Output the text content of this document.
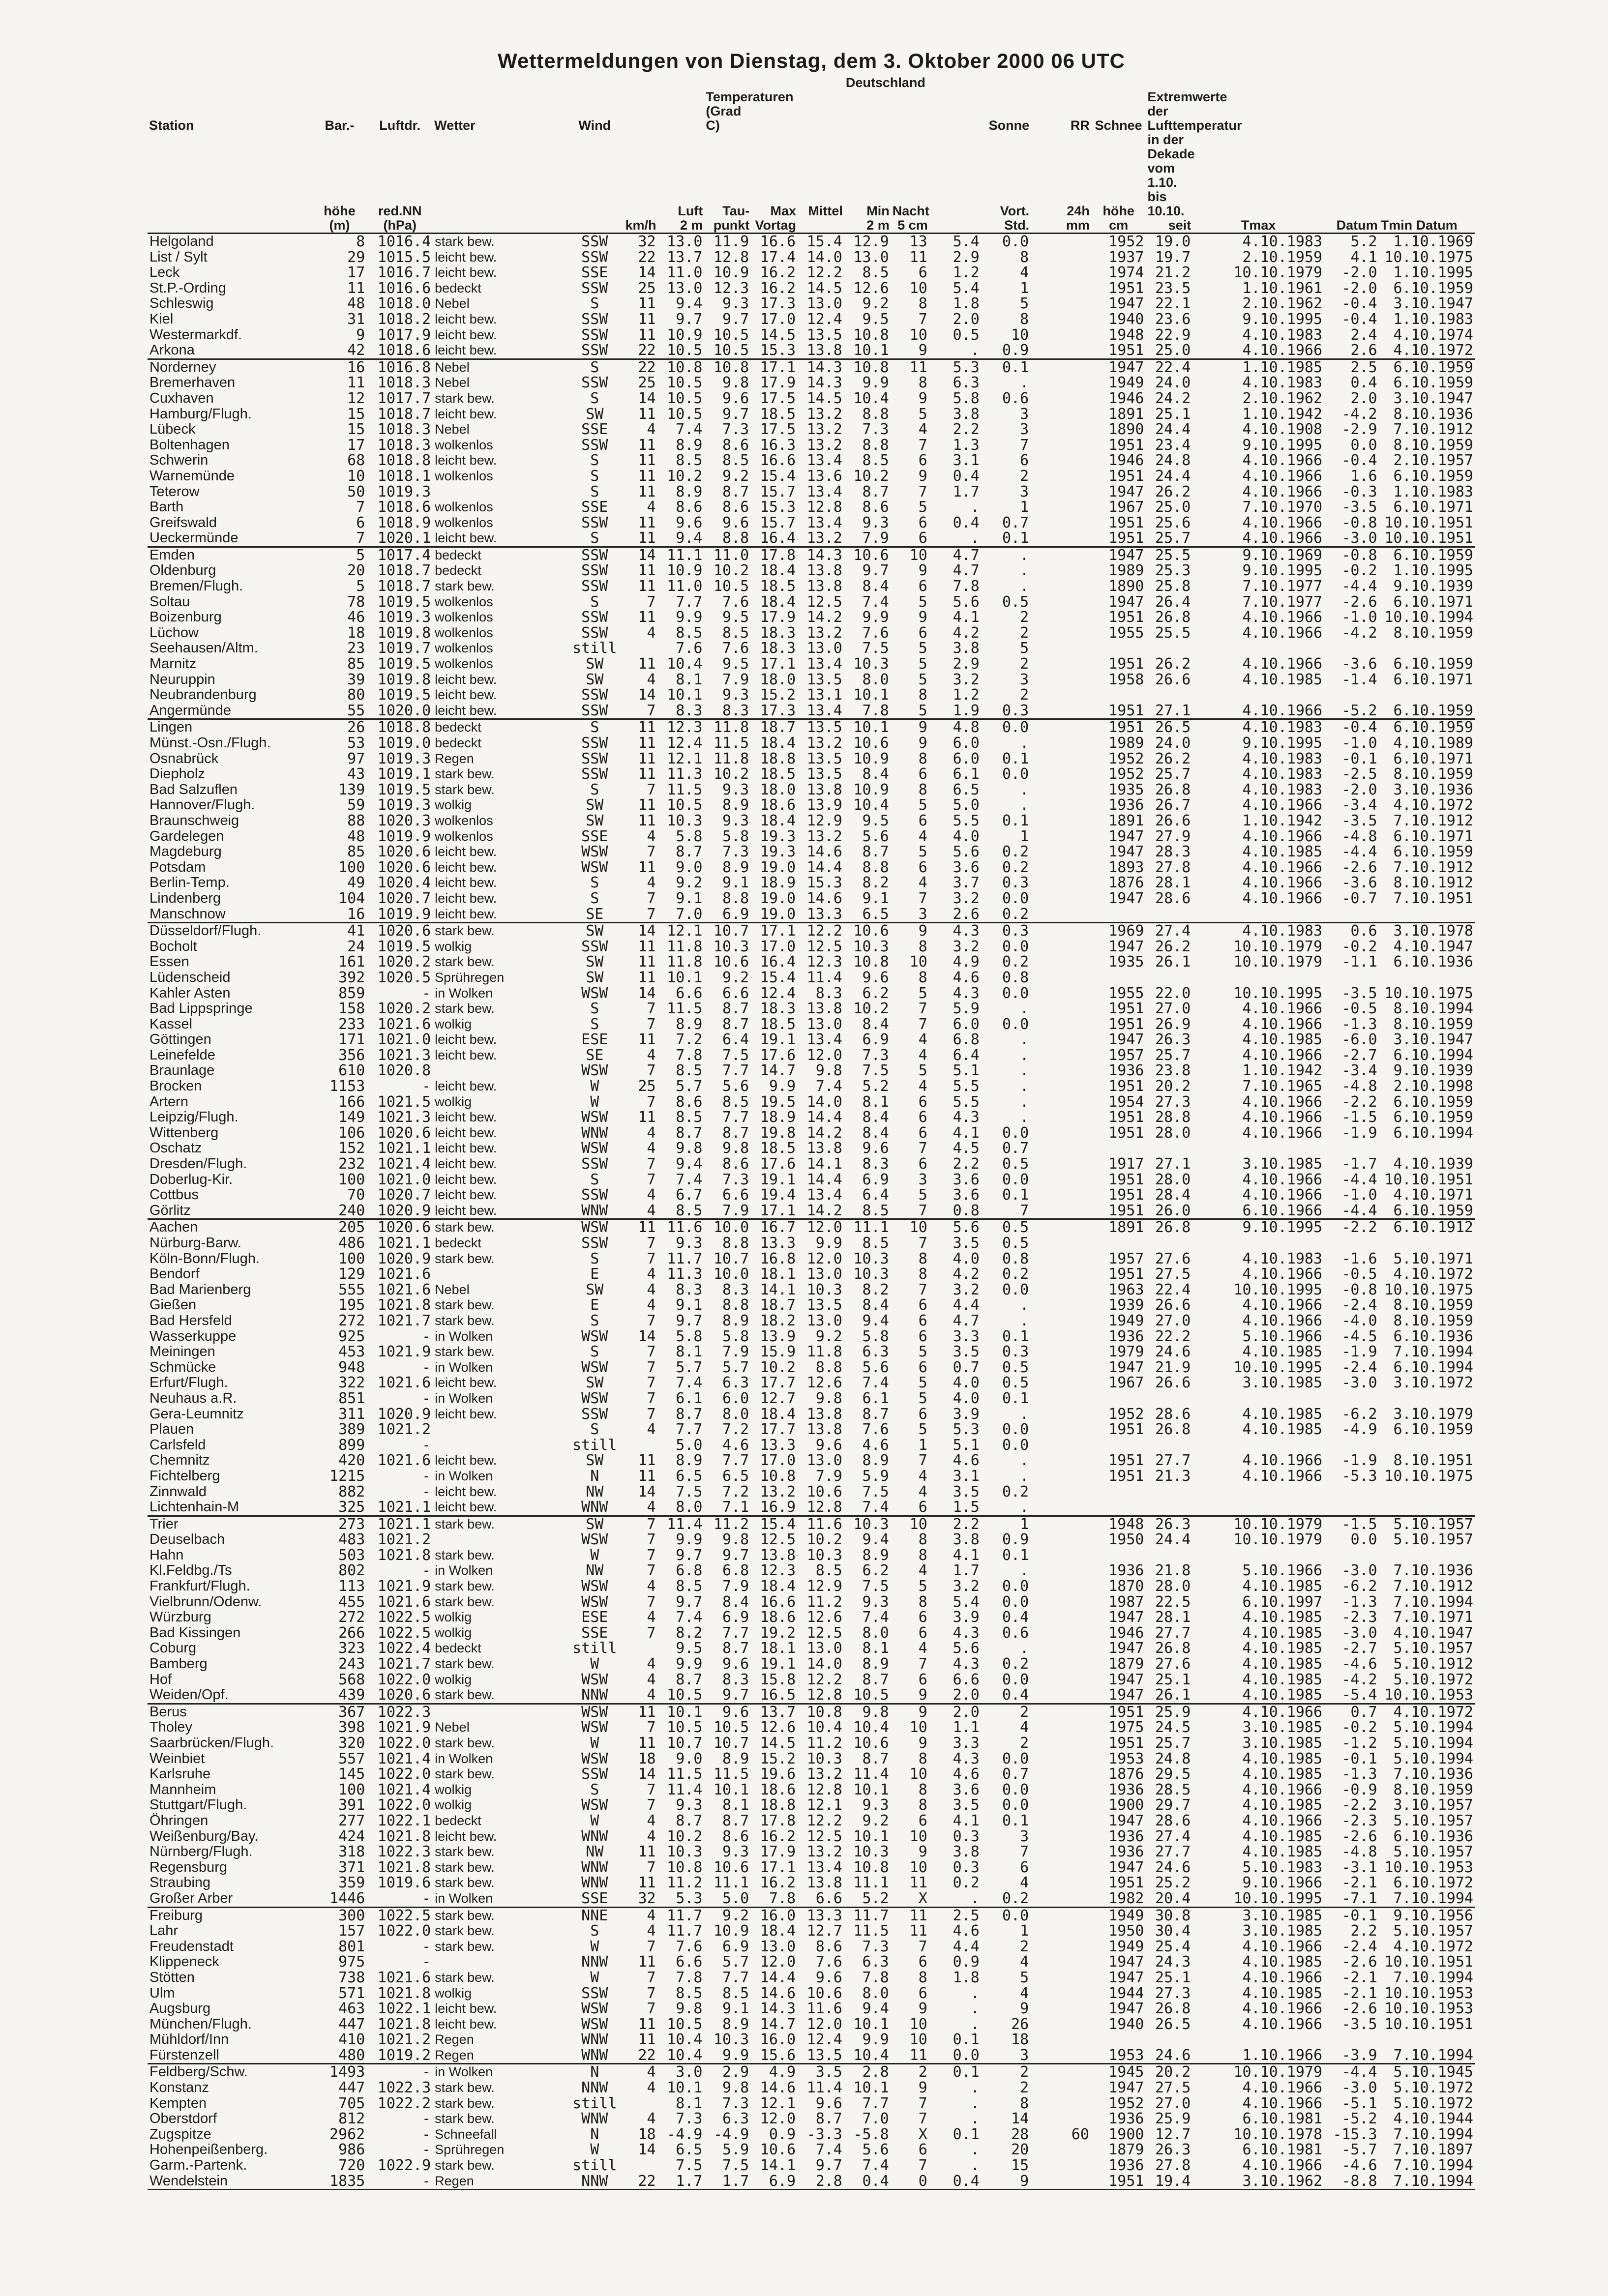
Wettermeldungen von Dienstag, dem 3. Oktober 2000 06 UTC
										Deutschland									
Station	Bar.-	Luftdr.	Wetter	Wind			Temperaturen (Grad C)						Sonne	RR	Schnee	Extremwerte der Lufttemperatur			
	höhe	red.NN				Luft	Tau-	Max	Mittel	Min	Nacht		Vort.	24h	höhe	in der Dekade vom 1.10. bis 10.10.			
	(m)	(hPa)			km/h	2 m	punkt	Vortag		2 m	5 cm		Std.	mm	cm	seit	Tmax	Datum	Tmin Datum
Helgoland	8	1016.4	stark bew.	SSW	32	13.0	11.9	16.6	15.4	12.9	13	5.4	0.0		1952	19.0	4.10.1983	5.2	1.10.1969
List / Sylt	29	1015.5	leicht bew.	SSW	22	13.7	12.8	17.4	14.0	13.0	11	2.9	8		1937	19.7	2.10.1959	4.1	10.10.1975
Leck	17	1016.7	leicht bew.	SSE	14	11.0	10.9	16.2	12.2	8.5	6	1.2	4		1974	21.2	10.10.1979	-2.0	1.10.1995
St.P.-Ording	11	1016.6	bedeckt	SSW	25	13.0	12.3	16.2	14.5	12.6	10	5.4	1		1951	23.5	1.10.1961	-2.0	6.10.1959
Schleswig	48	1018.0	Nebel	S	11	9.4	9.3	17.3	13.0	9.2	8	1.8	5		1947	22.1	2.10.1962	-0.4	3.10.1947
Kiel	31	1018.2	leicht bew.	SSW	11	9.7	9.7	17.0	12.4	9.5	7	2.0	8		1940	23.6	9.10.1995	-0.4	1.10.1983
Westermarkdf.	9	1017.9	leicht bew.	SSW	11	10.9	10.5	14.5	13.5	10.8	10	0.5	10		1948	22.9	4.10.1983	2.4	4.10.1974
Arkona	42	1018.6	leicht bew.	SSW	22	10.5	10.5	15.3	13.8	10.1	9	.	0.9		1951	25.0	4.10.1966	2.6	4.10.1972
Norderney	16	1016.8	Nebel	S	22	10.8	10.8	17.1	14.3	10.8	11	5.3	0.1		1947	22.4	1.10.1985	2.5	6.10.1959
Bremerhaven	11	1018.3	Nebel	SSW	25	10.5	9.8	17.9	14.3	9.9	8	6.3	.		1949	24.0	4.10.1983	0.4	6.10.1959
Cuxhaven	12	1017.7	stark bew.	S	14	10.5	9.6	17.5	14.5	10.4	9	5.8	0.6		1946	24.2	2.10.1962	2.0	3.10.1947
Hamburg/Flugh.	15	1018.7	leicht bew.	SW	11	10.5	9.7	18.5	13.2	8.8	5	3.8	3		1891	25.1	1.10.1942	-4.2	8.10.1936
Lübeck	15	1018.3	Nebel	SSE	4	7.4	7.3	17.5	13.2	7.3	4	2.2	3		1890	24.4	4.10.1908	-2.9	7.10.1912
Boltenhagen	17	1018.3	wolkenlos	SSW	11	8.9	8.6	16.3	13.2	8.8	7	1.3	7		1951	23.4	9.10.1995	0.0	8.10.1959
Schwerin	68	1018.8	leicht bew.	S	11	8.5	8.5	16.6	13.4	8.5	6	3.1	6		1946	24.8	4.10.1966	-0.4	2.10.1957
Warnemünde	10	1018.1	wolkenlos	S	11	10.2	9.2	15.4	13.6	10.2	9	0.4	2		1951	24.4	4.10.1966	1.6	6.10.1959
Teterow	50	1019.3		S	11	8.9	8.7	15.7	13.4	8.7	7	1.7	3		1947	26.2	4.10.1966	-0.3	1.10.1983
Barth	7	1018.6	wolkenlos	SSE	4	8.6	8.6	15.3	12.8	8.6	5	.	1		1967	25.0	7.10.1970	-3.5	6.10.1971
Greifswald	6	1018.9	wolkenlos	SSW	11	9.6	9.6	15.7	13.4	9.3	6	0.4	0.7		1951	25.6	4.10.1966	-0.8	10.10.1951
Ueckermünde	7	1020.1	leicht bew.	S	11	9.4	8.8	16.4	13.2	7.9	6	.	0.1		1951	25.7	4.10.1966	-3.0	10.10.1951
Emden	5	1017.4	bedeckt	SSW	14	11.1	11.0	17.8	14.3	10.6	10	4.7	.		1947	25.5	9.10.1969	-0.8	6.10.1959
Oldenburg	20	1018.7	bedeckt	SSW	11	10.9	10.2	18.4	13.8	9.7	9	4.7	.		1989	25.3	9.10.1995	-0.2	1.10.1995
Bremen/Flugh.	5	1018.7	stark bew.	SSW	11	11.0	10.5	18.5	13.8	8.4	6	7.8	.		1890	25.8	7.10.1977	-4.4	9.10.1939
Soltau	78	1019.5	wolkenlos	S	7	7.7	7.6	18.4	12.5	7.4	5	5.6	0.5		1947	26.4	7.10.1977	-2.6	6.10.1971
Boizenburg	46	1019.3	wolkenlos	SSW	11	9.9	9.5	17.9	14.2	9.9	9	4.1	2		1951	26.8	4.10.1966	-1.0	10.10.1994
Lüchow	18	1019.8	wolkenlos	SSW	4	8.5	8.5	18.3	13.2	7.6	6	4.2	2		1955	25.5	4.10.1966	-4.2	8.10.1959
Seehausen/Altm.	23	1019.7	wolkenlos	still		7.6	7.6	18.3	13.0	7.5	5	3.8	5						
Marnitz	85	1019.5	wolkenlos	SW	11	10.4	9.5	17.1	13.4	10.3	5	2.9	2		1951	26.2	4.10.1966	-3.6	6.10.1959
Neuruppin	39	1019.8	leicht bew.	SW	4	8.1	7.9	18.0	13.5	8.0	5	3.2	3		1958	26.6	4.10.1985	-1.4	6.10.1971
Neubrandenburg	80	1019.5	leicht bew.	SSW	14	10.1	9.3	15.2	13.1	10.1	8	1.2	2						
Angermünde	55	1020.0	leicht bew.	SSW	7	8.3	8.3	17.3	13.4	7.8	5	1.9	0.3		1951	27.1	4.10.1966	-5.2	6.10.1959
Lingen	26	1018.8	bedeckt	S	11	12.3	11.8	18.7	13.5	10.1	9	4.8	0.0		1951	26.5	4.10.1983	-0.4	6.10.1959
Münst.-Osn./Flugh.	53	1019.0	bedeckt	SSW	11	12.4	11.5	18.4	13.2	10.6	9	6.0	.		1989	24.0	9.10.1995	-1.0	4.10.1989
Osnabrück	97	1019.3	Regen	SSW	11	12.1	11.8	18.8	13.5	10.9	8	6.0	0.1		1952	26.2	4.10.1983	-0.1	6.10.1971
Diepholz	43	1019.1	stark bew.	SSW	11	11.3	10.2	18.5	13.5	8.4	6	6.1	0.0		1952	25.7	4.10.1983	-2.5	8.10.1959
Bad Salzuflen	139	1019.5	stark bew.	S	7	11.5	9.3	18.0	13.8	10.9	8	6.5	.		1935	26.8	4.10.1983	-2.0	3.10.1936
Hannover/Flugh.	59	1019.3	wolkig	SW	11	10.5	8.9	18.6	13.9	10.4	5	5.0	.		1936	26.7	4.10.1966	-3.4	4.10.1972
Braunschweig	88	1020.3	wolkenlos	SW	11	10.3	9.3	18.4	12.9	9.5	6	5.5	0.1		1891	26.6	1.10.1942	-3.5	7.10.1912
Gardelegen	48	1019.9	wolkenlos	SSE	4	5.8	5.8	19.3	13.2	5.6	4	4.0	1		1947	27.9	4.10.1966	-4.8	6.10.1971
Magdeburg	85	1020.6	leicht bew.	WSW	7	8.7	7.3	19.3	14.6	8.7	5	5.6	0.2		1947	28.3	4.10.1985	-4.4	6.10.1959
Potsdam	100	1020.6	leicht bew.	WSW	11	9.0	8.9	19.0	14.4	8.8	6	3.6	0.2		1893	27.8	4.10.1966	-2.6	7.10.1912
Berlin-Temp.	49	1020.4	leicht bew.	S	4	9.2	9.1	18.9	15.3	8.2	4	3.7	0.3		1876	28.1	4.10.1966	-3.6	8.10.1912
Lindenberg	104	1020.7	leicht bew.	S	7	9.1	8.8	19.0	14.6	9.1	7	3.2	0.0		1947	28.6	4.10.1966	-0.7	7.10.1951
Manschnow	16	1019.9	leicht bew.	SE	7	7.0	6.9	19.0	13.3	6.5	3	2.6	0.2						
Düsseldorf/Flugh.	41	1020.6	stark bew.	SW	14	12.1	10.7	17.1	12.2	10.6	9	4.3	0.3		1969	27.4	4.10.1983	0.6	3.10.1978
Bocholt	24	1019.5	wolkig	SSW	11	11.8	10.3	17.0	12.5	10.3	8	3.2	0.0		1947	26.2	10.10.1979	-0.2	4.10.1947
Essen	161	1020.2	stark bew.	SW	11	11.8	10.6	16.4	12.3	10.8	10	4.9	0.2		1935	26.1	10.10.1979	-1.1	6.10.1936
Lüdenscheid	392	1020.5	Sprühregen	SW	11	10.1	9.2	15.4	11.4	9.6	8	4.6	0.8						
Kahler Asten	859	-	in Wolken	WSW	14	6.6	6.6	12.4	8.3	6.2	5	4.3	0.0		1955	22.0	10.10.1995	-3.5	10.10.1975
Bad Lippspringe	158	1020.2	stark bew.	S	7	11.5	8.7	18.3	13.8	10.2	7	5.9	.		1951	27.0	4.10.1966	-0.5	8.10.1994
Kassel	233	1021.6	wolkig	S	7	8.9	8.7	18.5	13.0	8.4	7	6.0	0.0		1951	26.9	4.10.1966	-1.3	8.10.1959
Göttingen	171	1021.0	leicht bew.	ESE	11	7.2	6.4	19.1	13.4	6.9	4	6.8	.		1947	26.3	4.10.1985	-6.0	3.10.1947
Leinefelde	356	1021.3	leicht bew.	SE	4	7.8	7.5	17.6	12.0	7.3	4	6.4	.		1957	25.7	4.10.1966	-2.7	6.10.1994
Braunlage	610	1020.8		WSW	7	8.5	7.7	14.7	9.8	7.5	5	5.1	.		1936	23.8	1.10.1942	-3.4	9.10.1939
Brocken	1153	-	leicht bew.	W	25	5.7	5.6	9.9	7.4	5.2	4	5.5	.		1951	20.2	7.10.1965	-4.8	2.10.1998
Artern	166	1021.5	wolkig	W	7	8.6	8.5	19.5	14.0	8.1	6	5.5	.		1954	27.3	4.10.1966	-2.2	6.10.1959
Leipzig/Flugh.	149	1021.3	leicht bew.	WSW	11	8.5	7.7	18.9	14.4	8.4	6	4.3	.		1951	28.8	4.10.1966	-1.5	6.10.1959
Wittenberg	106	1020.6	leicht bew.	WNW	4	8.7	8.7	19.8	14.2	8.4	6	4.1	0.0		1951	28.0	4.10.1966	-1.9	6.10.1994
Oschatz	152	1021.1	leicht bew.	WSW	4	9.8	9.8	18.5	13.8	9.6	7	4.5	0.7						
Dresden/Flugh.	232	1021.4	leicht bew.	SSW	7	9.4	8.6	17.6	14.1	8.3	6	2.2	0.5		1917	27.1	3.10.1985	-1.7	4.10.1939
Doberlug-Kir.	100	1021.0	leicht bew.	S	7	7.4	7.3	19.1	14.4	6.9	3	3.6	0.0		1951	28.0	4.10.1966	-4.4	10.10.1951
Cottbus	70	1020.7	leicht bew.	SSW	4	6.7	6.6	19.4	13.4	6.4	5	3.6	0.1		1951	28.4	4.10.1966	-1.0	4.10.1971
Görlitz	240	1020.9	leicht bew.	WNW	4	8.5	7.9	17.1	14.2	8.5	7	0.8	7		1951	26.0	6.10.1966	-4.4	6.10.1959
Aachen	205	1020.6	stark bew.	WSW	11	11.6	10.0	16.7	12.0	11.1	10	5.6	0.5		1891	26.8	9.10.1995	-2.2	6.10.1912
Nürburg-Barw.	486	1021.1	bedeckt	SSW	7	9.3	8.8	13.3	9.9	8.5	7	3.5	0.5						
Köln-Bonn/Flugh.	100	1020.9	stark bew.	S	7	11.7	10.7	16.8	12.0	10.3	8	4.0	0.8		1957	27.6	4.10.1983	-1.6	5.10.1971
Bendorf	129	1021.6		E	4	11.3	10.0	18.1	13.0	10.3	8	4.2	0.2		1951	27.5	4.10.1966	-0.5	4.10.1972
Bad Marienberg	555	1021.6	Nebel	SW	4	8.3	8.3	14.1	10.3	8.2	7	3.2	0.0		1963	22.4	10.10.1995	-0.8	10.10.1975
Gießen	195	1021.8	stark bew.	E	4	9.1	8.8	18.7	13.5	8.4	6	4.4	.		1939	26.6	4.10.1966	-2.4	8.10.1959
Bad Hersfeld	272	1021.7	stark bew.	S	7	9.7	8.9	18.2	13.0	9.4	6	4.7	.		1949	27.0	4.10.1966	-4.0	8.10.1959
Wasserkuppe	925	-	in Wolken	WSW	14	5.8	5.8	13.9	9.2	5.8	6	3.3	0.1		1936	22.2	5.10.1966	-4.5	6.10.1936
Meiningen	453	1021.9	stark bew.	S	7	8.1	7.9	15.9	11.8	6.3	5	3.5	0.3		1979	24.6	4.10.1985	-1.9	7.10.1994
Schmücke	948	-	in Wolken	WSW	7	5.7	5.7	10.2	8.8	5.6	6	0.7	0.5		1947	21.9	10.10.1995	-2.4	6.10.1994
Erfurt/Flugh.	322	1021.6	leicht bew.	SW	7	7.4	6.3	17.7	12.6	7.4	5	4.0	0.5		1967	26.6	3.10.1985	-3.0	3.10.1972
Neuhaus a.R.	851	-	in Wolken	WSW	7	6.1	6.0	12.7	9.8	6.1	5	4.0	0.1						
Gera-Leumnitz	311	1020.9	leicht bew.	SSW	7	8.7	8.0	18.4	13.8	8.7	6	3.9	.		1952	28.6	4.10.1985	-6.2	3.10.1979
Plauen	389	1021.2		S	4	7.7	7.2	17.7	13.8	7.6	5	5.3	0.0		1951	26.8	4.10.1985	-4.9	6.10.1959
Carlsfeld	899	-		still		5.0	4.6	13.3	9.6	4.6	1	5.1	0.0						
Chemnitz	420	1021.6	leicht bew.	SW	11	8.9	7.7	17.0	13.0	8.9	7	4.6	.		1951	27.7	4.10.1966	-1.9	8.10.1951
Fichtelberg	1215	-	in Wolken	N	11	6.5	6.5	10.8	7.9	5.9	4	3.1	.		1951	21.3	4.10.1966	-5.3	10.10.1975
Zinnwald	882	-	leicht bew.	NW	14	7.5	7.2	13.2	10.6	7.5	4	3.5	0.2						
Lichtenhain-M	325	1021.1	leicht bew.	WNW	4	8.0	7.1	16.9	12.8	7.4	6	1.5	.						
Trier	273	1021.1	stark bew.	SW	7	11.4	11.2	15.4	11.6	10.3	10	2.2	1		1948	26.3	10.10.1979	-1.5	5.10.1957
Deuselbach	483	1021.2		WSW	7	9.9	9.8	12.5	10.2	9.4	8	3.8	0.9		1950	24.4	10.10.1979	0.0	5.10.1957
Hahn	503	1021.8	stark bew.	W	7	9.7	9.7	13.8	10.3	8.9	8	4.1	0.1						
Kl.Feldbg./Ts	802	-	in Wolken	NW	7	6.8	6.8	12.3	8.5	6.2	4	1.7	.		1936	21.8	5.10.1966	-3.0	7.10.1936
Frankfurt/Flugh.	113	1021.9	stark bew.	WSW	4	8.5	7.9	18.4	12.9	7.5	5	3.2	0.0		1870	28.0	4.10.1985	-6.2	7.10.1912
Vielbrunn/Odenw.	455	1021.6	stark bew.	WSW	7	9.7	8.4	16.6	11.2	9.3	8	5.4	0.0		1987	22.5	6.10.1997	-1.3	7.10.1994
Würzburg	272	1022.5	wolkig	ESE	4	7.4	6.9	18.6	12.6	7.4	6	3.9	0.4		1947	28.1	4.10.1985	-2.3	7.10.1971
Bad Kissingen	266	1022.5	wolkig	SSE	7	8.2	7.7	19.2	12.5	8.0	6	4.3	0.6		1946	27.7	4.10.1985	-3.0	4.10.1947
Coburg	323	1022.4	bedeckt	still		9.5	8.7	18.1	13.0	8.1	4	5.6	.		1947	26.8	4.10.1985	-2.7	5.10.1957
Bamberg	243	1021.7	stark bew.	W	4	9.9	9.6	19.1	14.0	8.9	7	4.3	0.2		1879	27.6	4.10.1985	-4.6	5.10.1912
Hof	568	1022.0	wolkig	WSW	4	8.7	8.3	15.8	12.2	8.7	6	6.6	0.0		1947	25.1	4.10.1985	-4.2	5.10.1972
Weiden/Opf.	439	1020.6	stark bew.	NNW	4	10.5	9.7	16.5	12.8	10.5	9	2.0	0.4		1947	26.1	4.10.1985	-5.4	10.10.1953
Berus	367	1022.3		WSW	11	10.1	9.6	13.7	10.8	9.8	9	2.0	2		1951	25.9	4.10.1966	0.7	4.10.1972
Tholey	398	1021.9	Nebel	WSW	7	10.5	10.5	12.6	10.4	10.4	10	1.1	4		1975	24.5	3.10.1985	-0.2	5.10.1994
Saarbrücken/Flugh.	320	1022.0	stark bew.	W	11	10.7	10.7	14.5	11.2	10.6	9	3.3	2		1951	25.7	3.10.1985	-1.2	5.10.1994
Weinbiet	557	1021.4	in Wolken	WSW	18	9.0	8.9	15.2	10.3	8.7	8	4.3	0.0		1953	24.8	4.10.1985	-0.1	5.10.1994
Karlsruhe	145	1022.0	stark bew.	SSW	14	11.5	11.5	19.6	13.2	11.4	10	4.6	0.7		1876	29.5	4.10.1985	-1.3	7.10.1936
Mannheim	100	1021.4	wolkig	S	7	11.4	10.1	18.6	12.8	10.1	8	3.6	0.0		1936	28.5	4.10.1966	-0.9	8.10.1959
Stuttgart/Flugh.	391	1022.0	wolkig	WSW	7	9.3	8.1	18.8	12.1	9.3	8	3.5	0.0		1900	29.7	4.10.1985	-2.2	3.10.1957
Öhringen	277	1022.1	bedeckt	W	4	8.7	8.7	17.8	12.2	9.2	6	4.1	0.1		1947	28.6	4.10.1966	-2.3	5.10.1957
Weißenburg/Bay.	424	1021.8	leicht bew.	WNW	4	10.2	8.6	16.2	12.5	10.1	10	0.3	3		1936	27.4	4.10.1985	-2.6	6.10.1936
Nürnberg/Flugh.	318	1022.3	stark bew.	NW	11	10.3	9.3	17.9	13.2	10.3	9	3.8	7		1936	27.7	4.10.1985	-4.8	5.10.1957
Regensburg	371	1021.8	stark bew.	WNW	7	10.8	10.6	17.1	13.4	10.8	10	0.3	6		1947	24.6	5.10.1983	-3.1	10.10.1953
Straubing	359	1019.6	stark bew.	WNW	11	11.2	11.1	16.2	13.8	11.1	11	0.2	4		1951	25.2	9.10.1966	-2.1	6.10.1972
Großer Arber	1446	-	in Wolken	SSE	32	5.3	5.0	7.8	6.6	5.2	X	.	0.2		1982	20.4	10.10.1995	-7.1	7.10.1994
Freiburg	300	1022.5	stark bew.	NNE	4	11.7	9.2	16.0	13.3	11.7	11	2.5	0.0		1949	30.8	3.10.1985	-0.1	9.10.1956
Lahr	157	1022.0	stark bew.	S	4	11.7	10.9	18.4	12.7	11.5	11	4.6	1		1950	30.4	3.10.1985	2.2	5.10.1957
Freudenstadt	801	-	stark bew.	W	7	7.6	6.9	13.0	8.6	7.3	7	4.4	2		1949	25.4	4.10.1966	-2.4	4.10.1972
Klippeneck	975	-		NNW	11	6.6	5.7	12.0	7.6	6.3	6	0.9	4		1947	24.3	4.10.1985	-2.6	10.10.1951
Stötten	738	1021.6	stark bew.	W	7	7.8	7.7	14.4	9.6	7.8	8	1.8	5		1947	25.1	4.10.1966	-2.1	7.10.1994
Ulm	571	1021.8	wolkig	SSW	7	8.5	8.5	14.6	10.6	8.0	6	.	4		1944	27.3	4.10.1985	-2.1	10.10.1953
Augsburg	463	1022.1	leicht bew.	WSW	7	9.8	9.1	14.3	11.6	9.4	9	.	9		1947	26.8	4.10.1966	-2.6	10.10.1953
München/Flugh.	447	1021.8	leicht bew.	WSW	11	10.5	8.9	14.7	12.0	10.1	10	.	26		1940	26.5	4.10.1966	-3.5	10.10.1951
Mühldorf/Inn	410	1021.2	Regen	WNW	11	10.4	10.3	16.0	12.4	9.9	10	0.1	18						
Fürstenzell	480	1019.2	Regen	WNW	22	10.4	9.9	15.6	13.5	10.4	11	0.0	3		1953	24.6	1.10.1966	-3.9	7.10.1994
Feldberg/Schw.	1493	-	in Wolken	N	4	3.0	2.9	4.9	3.5	2.8	2	0.1	2		1945	20.2	10.10.1979	-4.4	5.10.1945
Konstanz	447	1022.3	stark bew.	NNW	4	10.1	9.8	14.6	11.4	10.1	9	.	2		1947	27.5	4.10.1966	-3.0	5.10.1972
Kempten	705	1022.2	stark bew.	still		8.1	7.3	12.1	9.6	7.7	7	.	8		1952	27.0	4.10.1966	-5.1	5.10.1972
Oberstdorf	812	-	stark bew.	WNW	4	7.3	6.3	12.0	8.7	7.0	7	.	14		1936	25.9	6.10.1981	-5.2	4.10.1944
Zugspitze	2962	-	Schneefall	N	18	-4.9	-4.9	0.9	-3.3	-5.8	X	0.1	28	60	1900	12.7	10.10.1978	-15.3	7.10.1994
Hohenpeißenberg.	986	-	Sprühregen	W	14	6.5	5.9	10.6	7.4	5.6	6	.	20		1879	26.3	6.10.1981	-5.7	7.10.1897
Garm.-Partenk.	720	1022.9	stark bew.	still		7.5	7.5	14.1	9.7	7.4	7	.	15		1936	27.8	4.10.1966	-4.6	7.10.1994
Wendelstein	1835	-	Regen	NNW	22	1.7	1.7	6.9	2.8	0.4	0	0.4	9		1951	19.4	3.10.1962	-8.8	7.10.1994
